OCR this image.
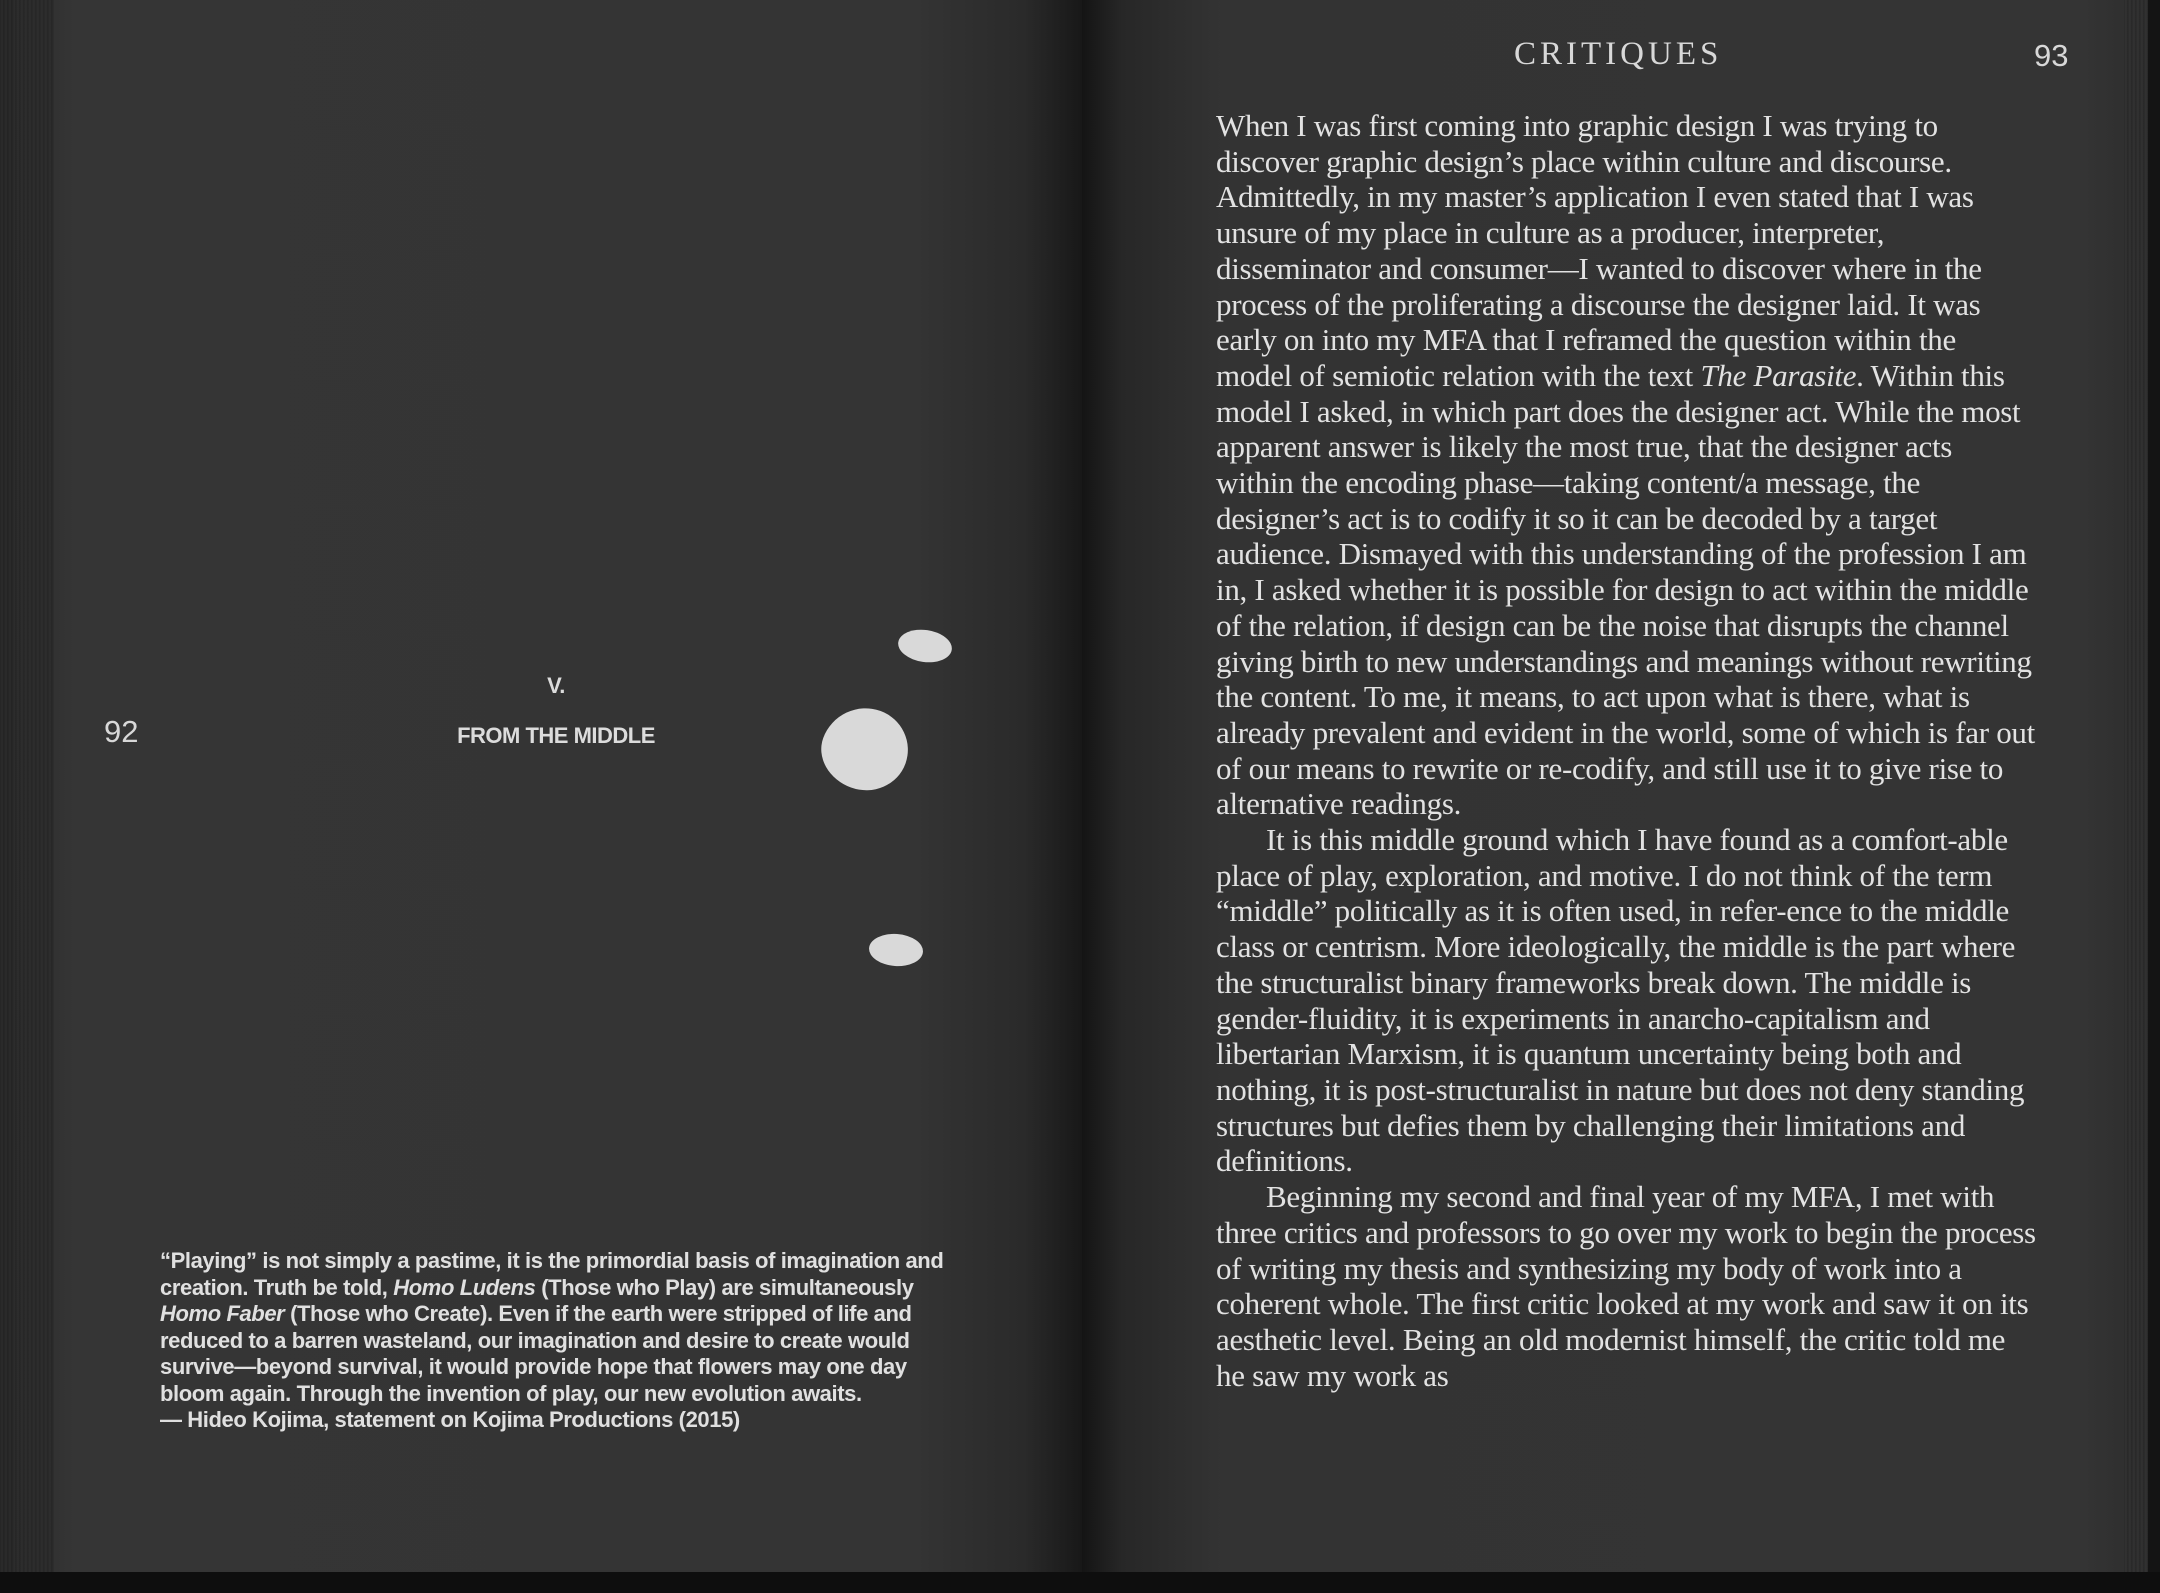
92
V.
FROM THE MIDDLE
“Playing” is not simply a pastime, it is the primordial basis of imagination and creation. Truth be told, Homo Ludens (Those who Play) are simultaneously Homo Faber (Those who Create). Even if the earth were stripped of life and reduced to a barren wasteland, our imagination and desire to create would survive—beyond survival, it would provide hope that flowers may one day bloom again. Through the invention of play, our new evolution awaits.
— Hideo Kojima, statement on Kojima Productions (2015)
CRITIQUES	93

When I was first coming into graphic design I was trying to discover graphic design’s place within culture and discourse. Admittedly, in my master’s application I even stated that I was unsure of my place in culture as a producer, interpreter, disseminator and consumer—I wanted to discover where in the process of the proliferating a discourse the designer laid. It was early on into my MFA that I reframed the question within the model of semiotic relation with the text The Parasite. Within this model I asked, in which part does the designer act. While the most apparent answer is likely the most true, that the designer acts within the encoding phase—taking content/a message, the designer’s act is to codify it so it can be decoded by a target audience. Dismayed with this understanding of the profession I am in, I asked whether it is possible for design to act within the middle of the relation, if design can be the noise that disrupts the channel giving birth to new understandings and meanings without rewriting the content. To me, it means, to act upon what is there, what is already prevalent and evident in the world, some of which is far out of our means to rewrite or re-codify, and still use it to give rise to alternative readings.

It is this middle ground which I have found as a comfort-able place of play, exploration, and motive. I do not think of the term “middle” politically as it is often used, in refer-ence to the middle class or centrism. More ideologically, the middle is the part where the structuralist binary frameworks break down. The middle is gender-fluidity, it is experiments in anarcho-capitalism and libertarian Marxism, it is quantum uncertainty being both and nothing, it is post-structuralist in nature but does not deny standing structures but defies them by challenging their limitations and definitions.

Beginning my second and final year of my MFA, I met with three critics and professors to go over my work to begin the process of writing my thesis and synthesizing my body of work into a coherent whole. The first critic looked at my work and saw it on its aesthetic level. Being an old modernist himself, the critic told me he saw my work as
